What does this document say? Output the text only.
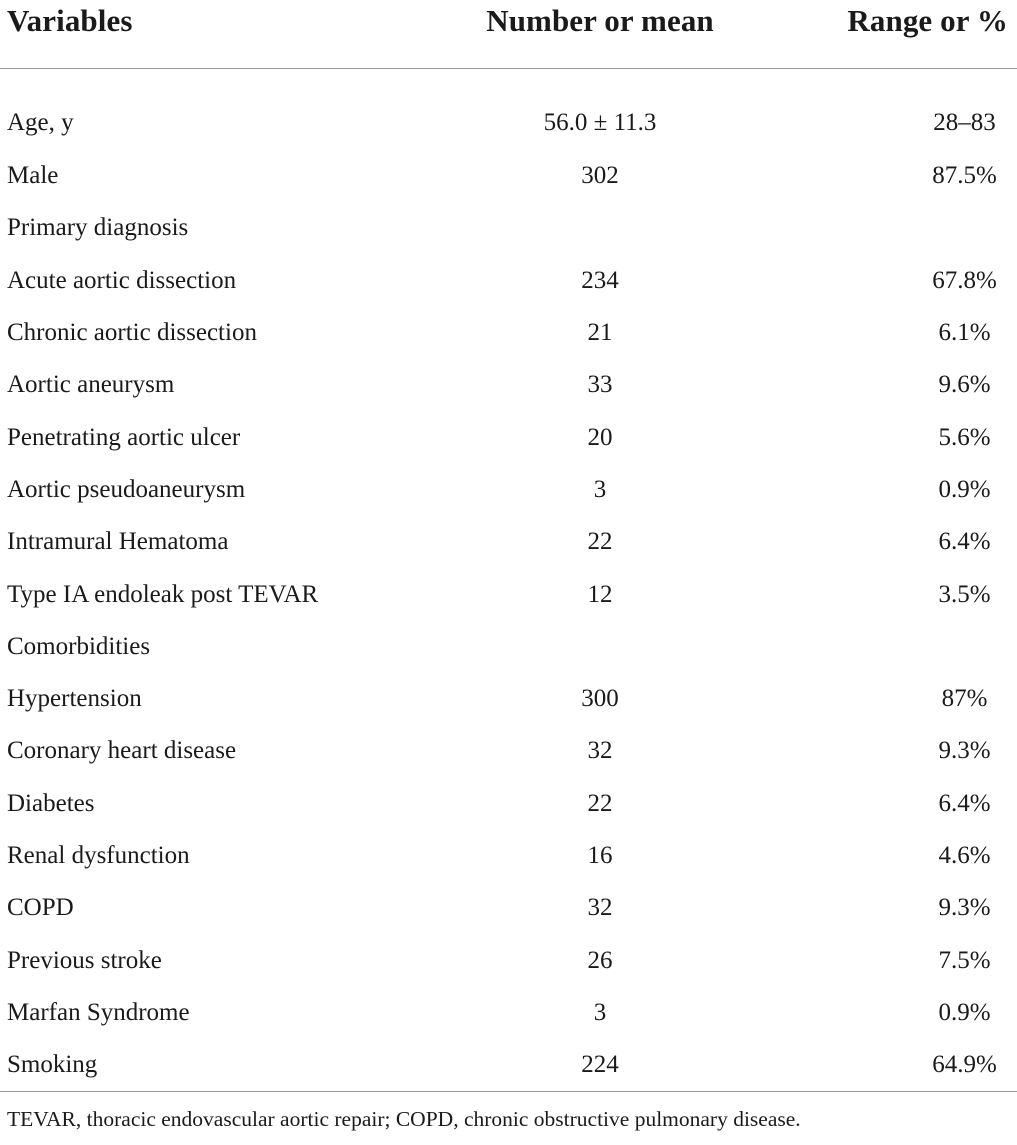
Variables	Number or mean	Range or %
Age, y	56.0 ± 11.3	28–83
Male	302	87.5%
Primary diagnosis		
Acute aortic dissection	234	67.8%
Chronic aortic dissection	21	6.1%
Aortic aneurysm	33	9.6%
Penetrating aortic ulcer	20	5.6%
Aortic pseudoaneurysm	3	0.9%
Intramural Hematoma	22	6.4%
Type IA endoleak post TEVAR	12	3.5%
Comorbidities		
Hypertension	300	87%
Coronary heart disease	32	9.3%
Diabetes	22	6.4%
Renal dysfunction	16	4.6%
COPD	32	9.3%
Previous stroke	26	7.5%
Marfan Syndrome	3	0.9%
Smoking	224	64.9%
TEVAR, thoracic endovascular aortic repair; COPD, chronic obstructive pulmonary disease.
